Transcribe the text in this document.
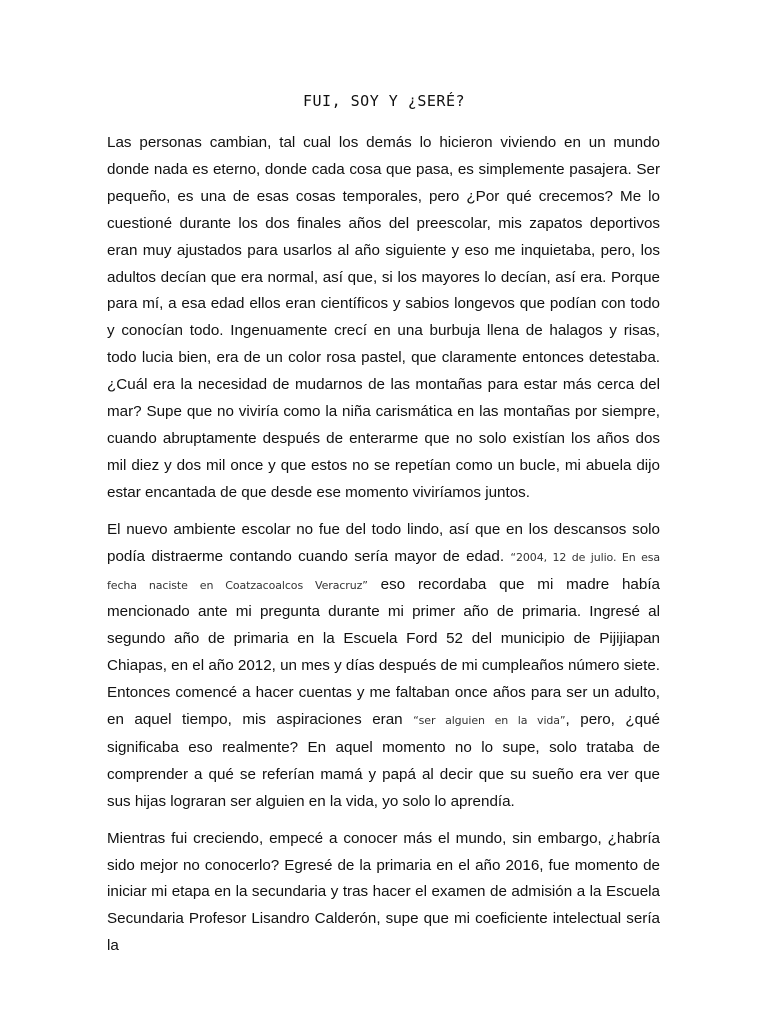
FUI, SOY Y ¿SERÉ?

Las personas cambian, tal cual los demás lo hicieron viviendo en un mundo donde nada es eterno, donde cada cosa que pasa, es simplemente pasajera. Ser pequeño, es una de esas cosas temporales, pero ¿Por qué crecemos? Me lo cuestioné durante los dos finales años del preescolar, mis zapatos deportivos eran muy ajustados para usarlos al año siguiente y eso me inquietaba, pero, los adultos decían que era normal, así que, si los mayores lo decían, así era. Porque para mí, a esa edad ellos eran científicos y sabios longevos que podían con todo y conocían todo. Ingenuamente crecí en una burbuja llena de halagos y risas, todo lucia bien, era de un color rosa pastel, que claramente entonces detestaba. ¿Cuál era la necesidad de mudarnos de las montañas para estar más cerca del mar? Supe que no viviría como la niña carismática en las montañas por siempre, cuando abruptamente después de enterarme que no solo existían los años dos mil diez y dos mil once y que estos no se repetían como un bucle, mi abuela dijo estar encantada de que desde ese momento viviríamos juntos.

El nuevo ambiente escolar no fue del todo lindo, así que en los descansos solo podía distraerme contando cuando sería mayor de edad. “2004, 12 de julio. En esa fecha naciste en Coatzacoalcos Veracruz” eso recordaba que mi madre había mencionado ante mi pregunta durante mi primer año de primaria. Ingresé al segundo año de primaria en la Escuela Ford 52 del municipio de Pijijiapan Chiapas, en el año 2012, un mes y días después de mi cumpleaños número siete. Entonces comencé a hacer cuentas y me faltaban once años para ser un adulto, en aquel tiempo, mis aspiraciones eran “ser alguien en la vida”, pero, ¿qué significaba eso realmente? En aquel momento no lo supe, solo trataba de comprender a qué se referían mamá y papá al decir que su sueño era ver que sus hijas lograran ser alguien en la vida, yo solo lo aprendía.

Mientras fui creciendo, empecé a conocer más el mundo, sin embargo, ¿habría sido mejor no conocerlo? Egresé de la primaria en el año 2016, fue momento de iniciar mi etapa en la secundaria y tras hacer el examen de admisión a la Escuela Secundaria Profesor Lisandro Calderón, supe que mi coeficiente intelectual sería la
